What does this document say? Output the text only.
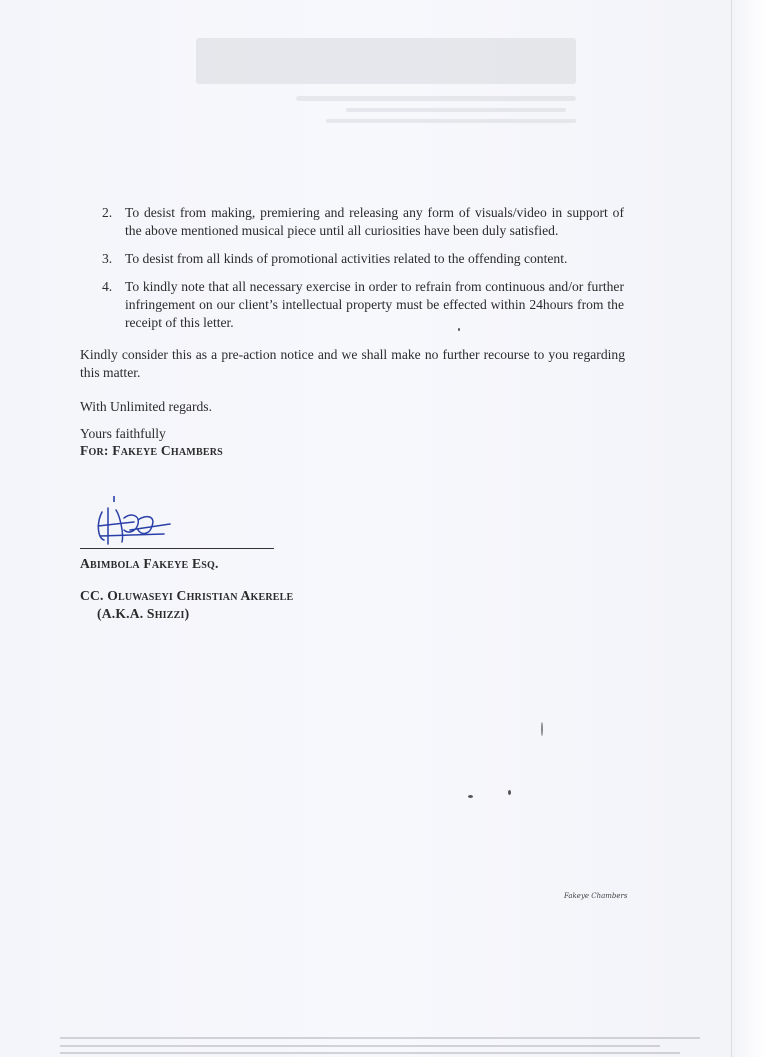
2. To desist from making, premiering and releasing any form of visuals/video in support of the above mentioned musical piece until all curiosities have been duly satisfied.
3. To desist from all kinds of promotional activities related to the offending content.
4. To kindly note that all necessary exercise in order to refrain from continuous and/or further infringement on our client’s intellectual property must be effected within 24hours from the receipt of this letter.
Kindly consider this as a pre-action notice and we shall make no further recourse to you regarding this matter.
With Unlimited regards.
Yours faithfully
For: Fakeye Chambers
Abimbola Fakeye Esq.
CC. Oluwaseyi Christian Akerele
(A.K.A. Shizzi)
Fakeye Chambers
